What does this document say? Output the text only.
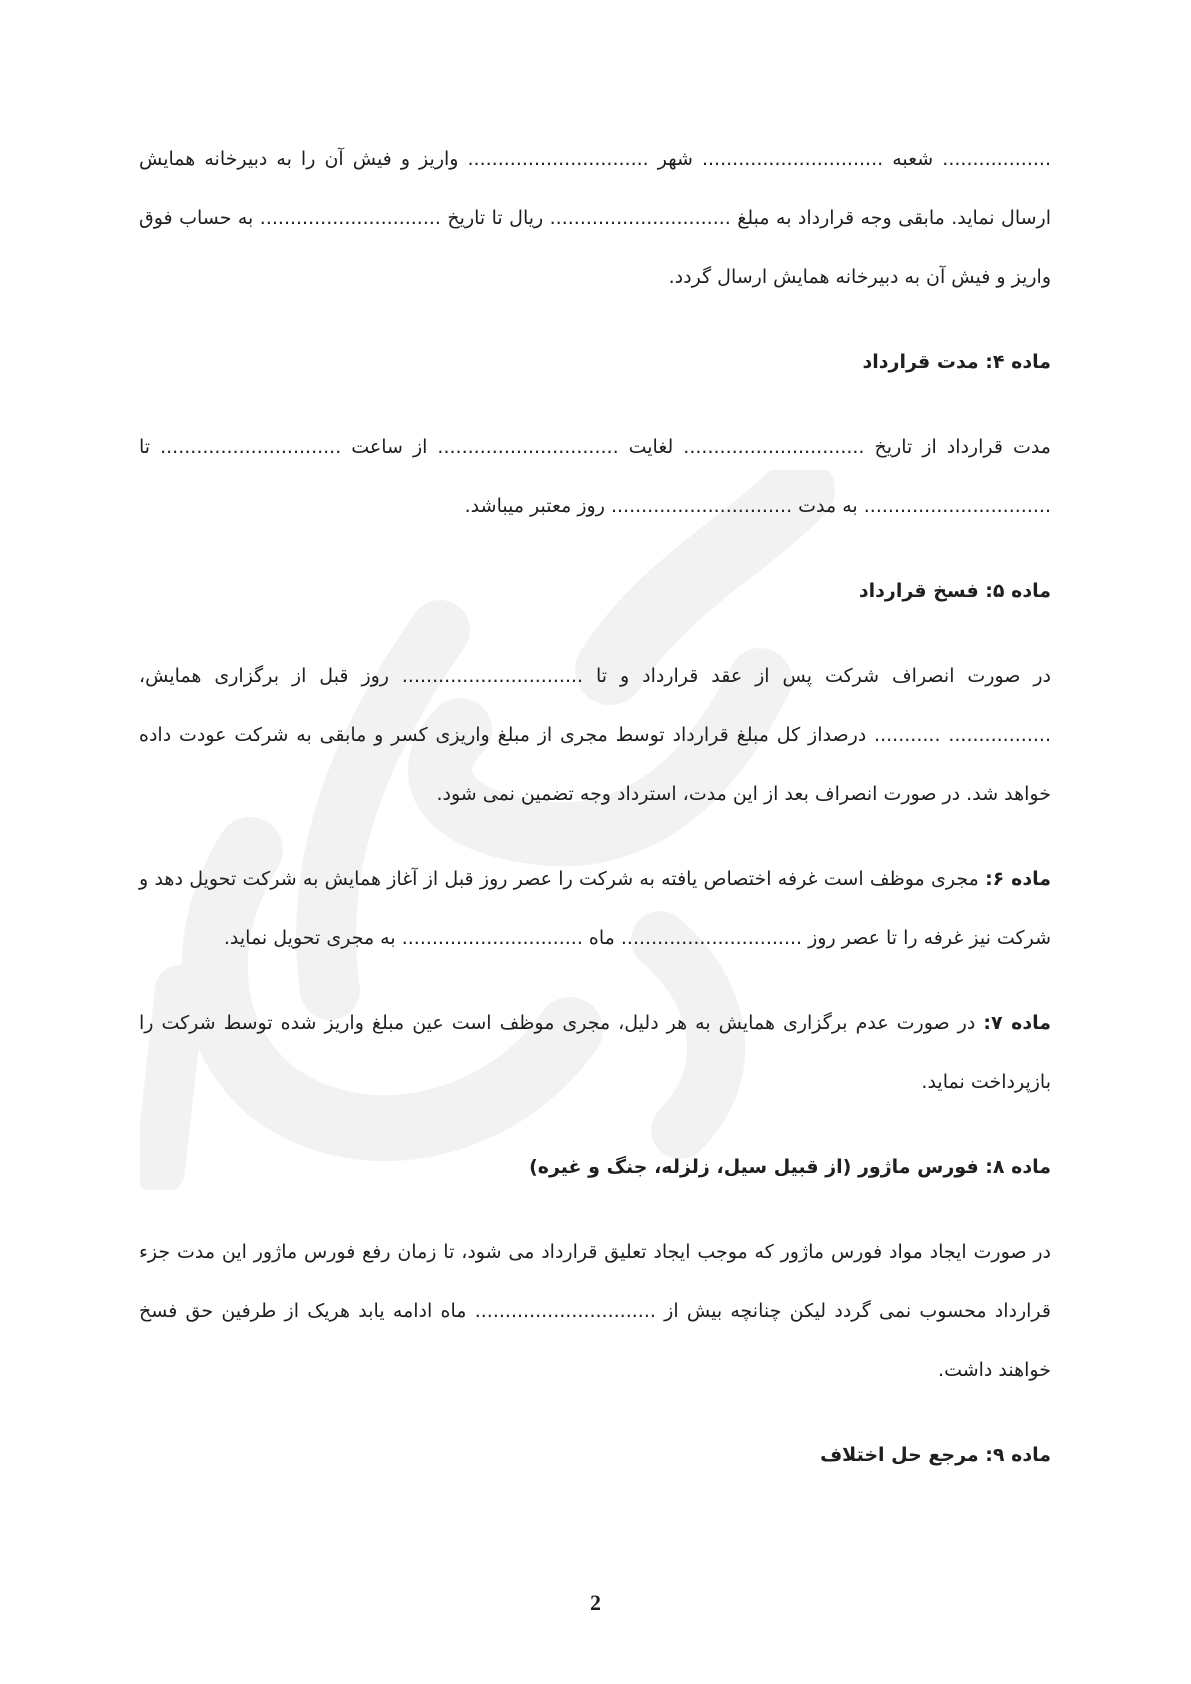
.................. شعبه .............................. شهر .............................. واریز و فیش آن را به دبیرخانه همایش ارسال نماید. مابقی وجه قرارداد به مبلغ .............................. ریال تا تاریخ .............................. به حساب فوق واریز و فیش آن به دبیرخانه همایش ارسال گردد.

ماده ۴: مدت قرارداد

مدت قرارداد از تاریخ .............................. لغایت .............................. از ساعت .............................. تا ............................... به مدت .............................. روز معتبر میباشد.

ماده ۵: فسخ قرارداد

در صورت انصراف شرکت پس از عقد قرارداد و تا .............................. روز قبل از برگزاری همایش، ................. ........... درصداز کل مبلغ قرارداد توسط مجری از مبلغ واریزی کسر و مابقی به شرکت عودت داده خواهد شد. در صورت انصراف بعد از این مدت، استرداد وجه تضمین نمی شود.

ماده ۶: مجری موظف است غرفه اختصاص یافته به شرکت را عصر روز قبل از آغاز همایش به شرکت تحویل دهد و شرکت نیز غرفه را تا عصر روز .............................. ماه .............................. به مجری تحویل نماید.

ماده ۷: در صورت عدم برگزاری همایش به هر دلیل، مجری موظف است عین مبلغ واریز شده توسط شرکت را بازپرداخت نماید.

ماده ۸: فورس ماژور (از قبیل سیل، زلزله، جنگ و غیره)

در صورت ایجاد مواد فورس ماژور که موجب ایجاد تعلیق قرارداد می شود، تا زمان رفع فورس ماژور این مدت جزء قرارداد محسوب نمی گردد لیکن چنانچه بیش از .............................. ماه ادامه یابد هریک از طرفین حق فسخ خواهند داشت.

ماده ۹: مرجع حل اختلاف

2
